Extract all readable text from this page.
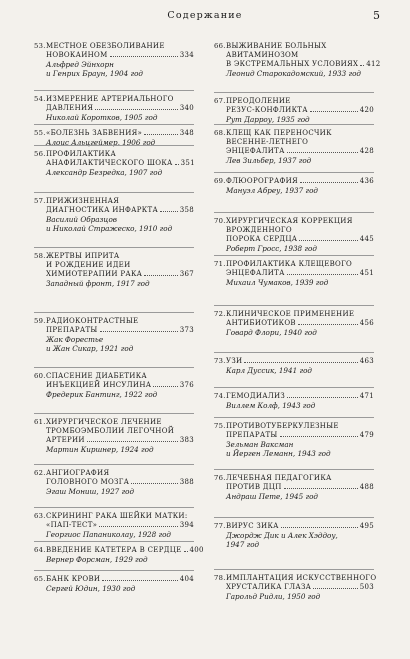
Содержание	5
53. МЕСТНОЕ ОБЕЗБОЛИВАНИЕ
НОВОКАИНОМ	334
Альфред Эйнхорн
и Генрих Браун, 1904 год
54. ИЗМЕРЕНИЕ АРТЕРИАЛЬНОГО
ДАВЛЕНИЯ	340
Николай Коротков, 1905 год
55. «БОЛЕЗНЬ ЗАБВЕНИЯ»	348
Алоис Альцгеймер, 1906 год
56. ПРОФИЛАКТИКА
АНАФИЛАКТИЧЕСКОГО ШОКА 351
Александр Безредка, 1907 год
57. ПРИЖИЗНЕННАЯ
ДИАГНОСТИКА ИНФАРКТА	358
Василий Образцов
и Николай Стражеско, 1910 год
58. ЖЕРТВЫ ИПРИТА
И РОЖДЕНИЕ ИДЕИ
ХИМИОТЕРАПИИ РАКА	367
Западный фронт, 1917 год
59. РАДИОКОНТРАСТНЫЕ
ПРЕПАРАТЫ	373
Жак Форестье
и Жан Сикар, 1921 год
60. СПАСЕНИЕ ДИАБЕТИКА
ИНЪЕКЦИЕЙ ИНСУЛИНА	376
Фредерик Бантинг, 1922 год
61. ХИРУРГИЧЕСКОЕ ЛЕЧЕНИЕ
ТРОМБОЭМБОЛИИ ЛЕГОЧНОЙ
АРТЕРИИ	383
Мартин Киршнер, 1924 год
62. АНГИОГРАФИЯ
ГОЛОВНОГО МОЗГА	388
Эгаш Мониш, 1927 год
63. СКРИНИНГ РАКА ШЕЙКИ МАТКИ:
«ПАП-ТЕСТ»	394
Георгиос Папаниколау, 1928 год
64. ВВЕДЕНИЕ КАТЕТЕРА В СЕРДЦЕ 400
Вернер Форсман, 1929 год
65. БАНК КРОВИ	404
Сергей Юдин, 1930 год
66. ВЫЖИВАНИЕ БОЛЬНЫХ
АВИТАМИНОЗОМ
В ЭКСТРЕМАЛЬНЫХ УСЛОВИЯХ 412
Леонид Старокадомский, 1933 год
67. ПРЕОДОЛЕНИЕ
РЕЗУС-КОНФЛИКТА	420
Рут Дарроу, 1935 год
68. КЛЕЩ КАК ПЕРЕНОСЧИК
ВЕСЕННЕ-ЛЕТНЕГО
ЭНЦЕФАЛИТА	428
Лев Зильбер, 1937 год
69. ФЛЮОРОГРАФИЯ	436
Мануэл Абреу, 1937 год
70. ХИРУРГИЧЕСКАЯ КОРРЕКЦИЯ
ВРОЖДЕННОГО
ПОРОКА СЕРДЦА	445
Роберт Гросс, 1938 год
71. ПРОФИЛАКТИКА КЛЕЩЕВОГО
ЭНЦЕФАЛИТА	451
Михаил Чумаков, 1939 год
72. КЛИНИЧЕСКОЕ ПРИМЕНЕНИЕ
АНТИБИОТИКОВ	456
Говард Флори, 1940 год
73. УЗИ	463
Карл Дуссик, 1941 год
74. ГЕМОДИАЛИЗ	471
Виллем Колф, 1943 год
75. ПРОТИВОТУБЕРКУЛЕЗНЫЕ
ПРЕПАРАТЫ	479
Зельман Ваксман
и Йерген Леманн, 1943 год
76. ЛЕЧЕБНАЯ ПЕДАГОГИКА
ПРОТИВ ДЦП	488
Андраш Пете, 1945 год
77. ВИРУС ЗИКА	495
Джордж Дик и Алек Хэддоу,
1947 год
78. ИМПЛАНТАЦИЯ ИСКУССТВЕННОГО
ХРУСТАЛИКА ГЛАЗА	503
Гарольд Ридли, 1950 год
